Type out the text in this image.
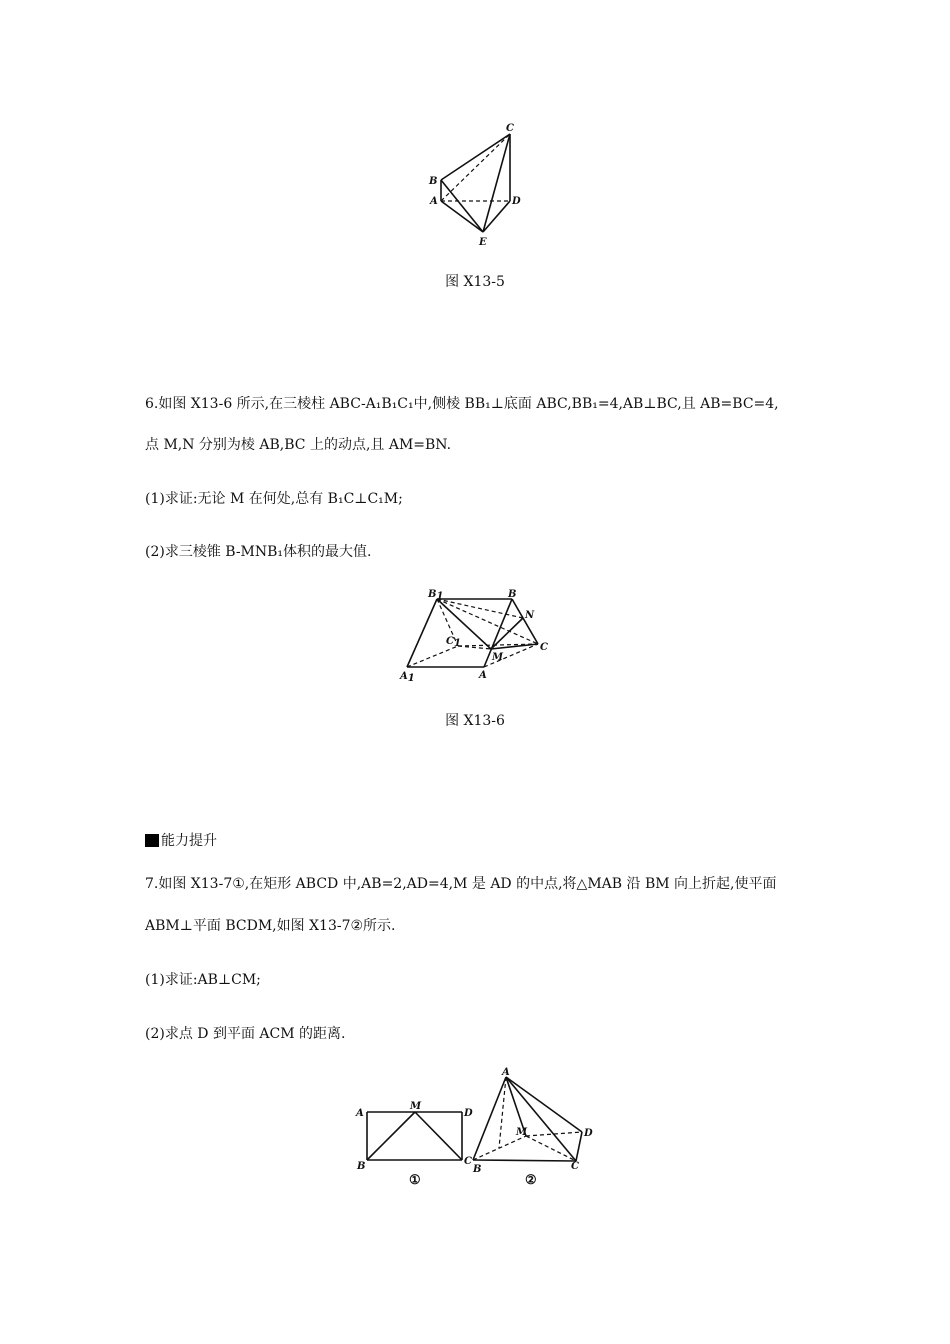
C
B
A	D
E
图 X13-5
6.如图 X13-6 所示,在三棱柱 ABC-A₁B₁C₁中,侧棱 BB₁⊥底面 ABC,BB₁=4,AB⊥BC,且 AB=BC=4,
点 M,N 分别为棱 AB,BC 上的动点,且 AM=BN.
(1)求证:无论 M 在何处,总有 B₁C⊥C₁M;
(2)求三棱锥 B-MNB₁体积的最大值.
B1	B
N
C1
M
C
A1	A
图 X13-6
能力提升
7.如图 X13-7①,在矩形 ABCD 中,AB=2,AD=4,M 是 AD 的中点,将△MAB 沿 BM 向上折起,使平面
ABM⊥平面 BCDM,如图 X13-7②所示.
(1)求证:AB⊥CM;
(2)求点 D 到平面 ACM 的距离.
A
M
D
B	C
①
A
M	D
B	C
②
